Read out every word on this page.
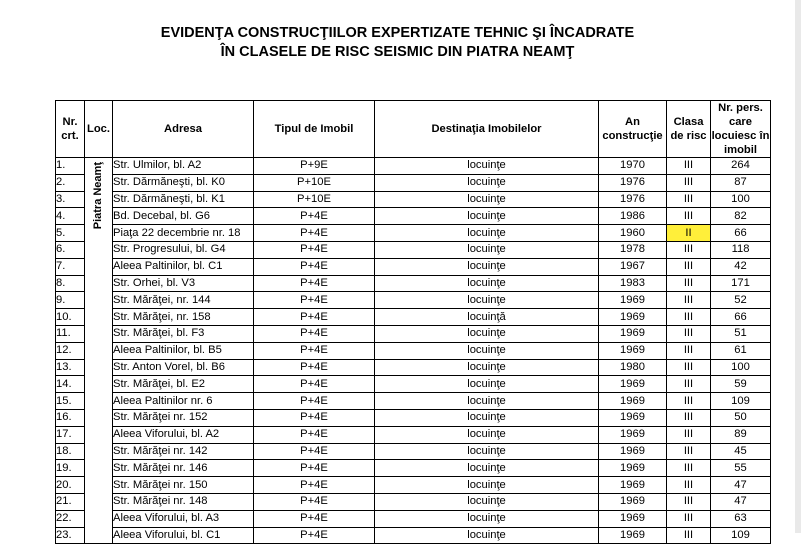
EVIDENŢA CONSTRUCŢIILOR EXPERTIZATE TEHNIC ŞI ÎNCADRATE
ÎN CLASELE DE RISC SEISMIC DIN PIATRA NEAMŢ
Nr. crt.	Loc.	Adresa	Tipul de Imobil	Destinaţia Imobilelor	An construcţie	Clasa de risc	Nr. pers. care locuiesc în imobil
1.	Piatra Neamţ	Str. Ulmilor, bl. A2	P+9E	locuinţe	1970	III	264
2.		Str. Dărmăneşti, bl. K0	P+10E	locuinţe	1976	III	87
3.		Str. Dărmăneşti, bl. K1	P+10E	locuinţe	1976	III	100
4.		Bd. Decebal, bl. G6	P+4E	locuinţe	1986	III	82
5.		Piaţa 22 decembrie nr. 18	P+4E	locuinţe	1960	II	66
6.		Str. Progresului, bl. G4	P+4E	locuinţe	1978	III	118
7.		Aleea Paltinilor, bl. C1	P+4E	locuinţe	1967	III	42
8.		Str. Orhei, bl. V3	P+4E	locuinţe	1983	III	171
9.		Str. Mărăţei, nr. 144	P+4E	locuinţe	1969	III	52
10.		Str. Mărăţei, nr. 158	P+4E	locuinţă	1969	III	66
11.		Str. Mărăţei, bl. F3	P+4E	locuinţe	1969	III	51
12.		Aleea Paltinilor, bl. B5	P+4E	locuinţe	1969	III	61
13.		Str. Anton Vorel, bl. B6	P+4E	locuinţe	1980	III	100
14.		Str. Mărăţei, bl. E2	P+4E	locuinţe	1969	III	59
15.		Aleea Paltinilor nr. 6	P+4E	locuinţe	1969	III	109
16.		Str. Mărăţei nr. 152	P+4E	locuinţe	1969	III	50
17.		Aleea Viforului, bl. A2	P+4E	locuinţe	1969	III	89
18.		Str. Mărăţei nr. 142	P+4E	locuinţe	1969	III	45
19.		Str. Mărăţei nr. 146	P+4E	locuinţe	1969	III	55
20.		Str. Mărăţei nr. 150	P+4E	locuinţe	1969	III	47
21.		Str. Mărăţei nr. 148	P+4E	locuinţe	1969	III	47
22.		Aleea Viforului, bl. A3	P+4E	locuinţe	1969	III	63
23.		Aleea Viforului, bl. C1	P+4E	locuinţe	1969	III	109
